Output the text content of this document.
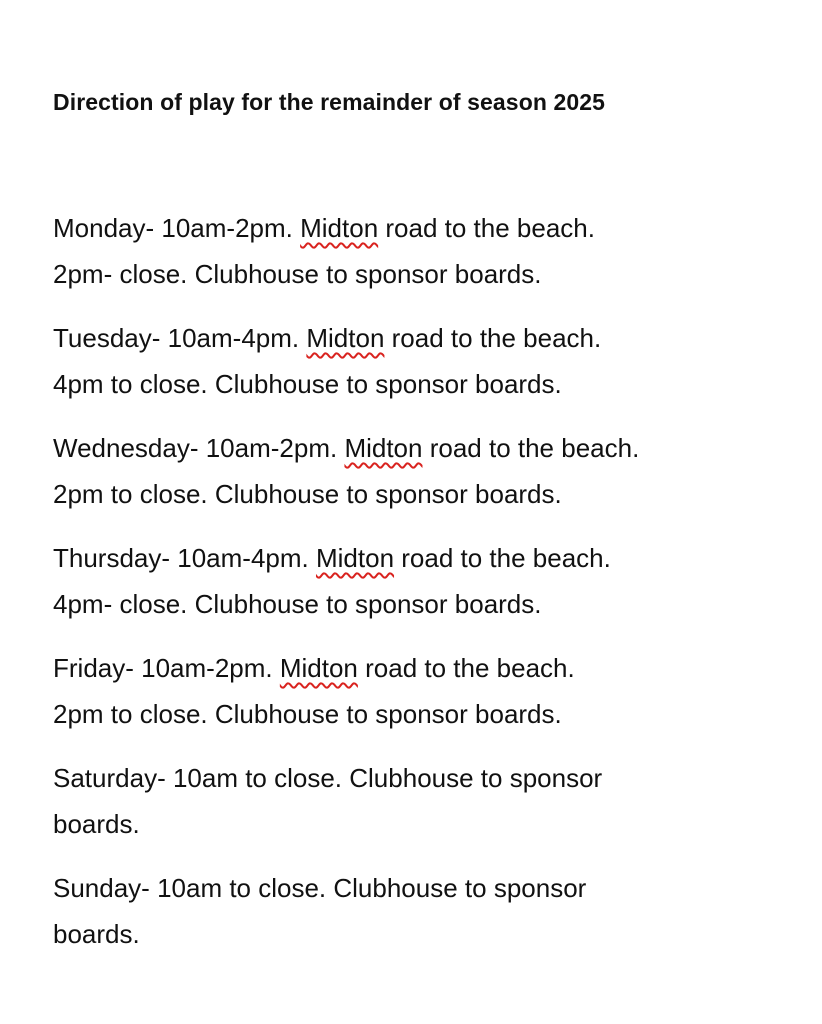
Direction of play for the remainder of season 2025

Monday- 10am-2pm. Midton road to the beach.
2pm- close. Clubhouse to sponsor boards.

Tuesday- 10am-4pm. Midton road to the beach.
4pm to close. Clubhouse to sponsor boards.

Wednesday- 10am-2pm. Midton road to the beach.
2pm to close. Clubhouse to sponsor boards.

Thursday- 10am-4pm. Midton road to the beach.
4pm- close. Clubhouse to sponsor boards.

Friday- 10am-2pm. Midton road to the beach.
2pm to close. Clubhouse to sponsor boards.

Saturday- 10am to close. Clubhouse to sponsor
boards.

Sunday- 10am to close. Clubhouse to sponsor
boards.
